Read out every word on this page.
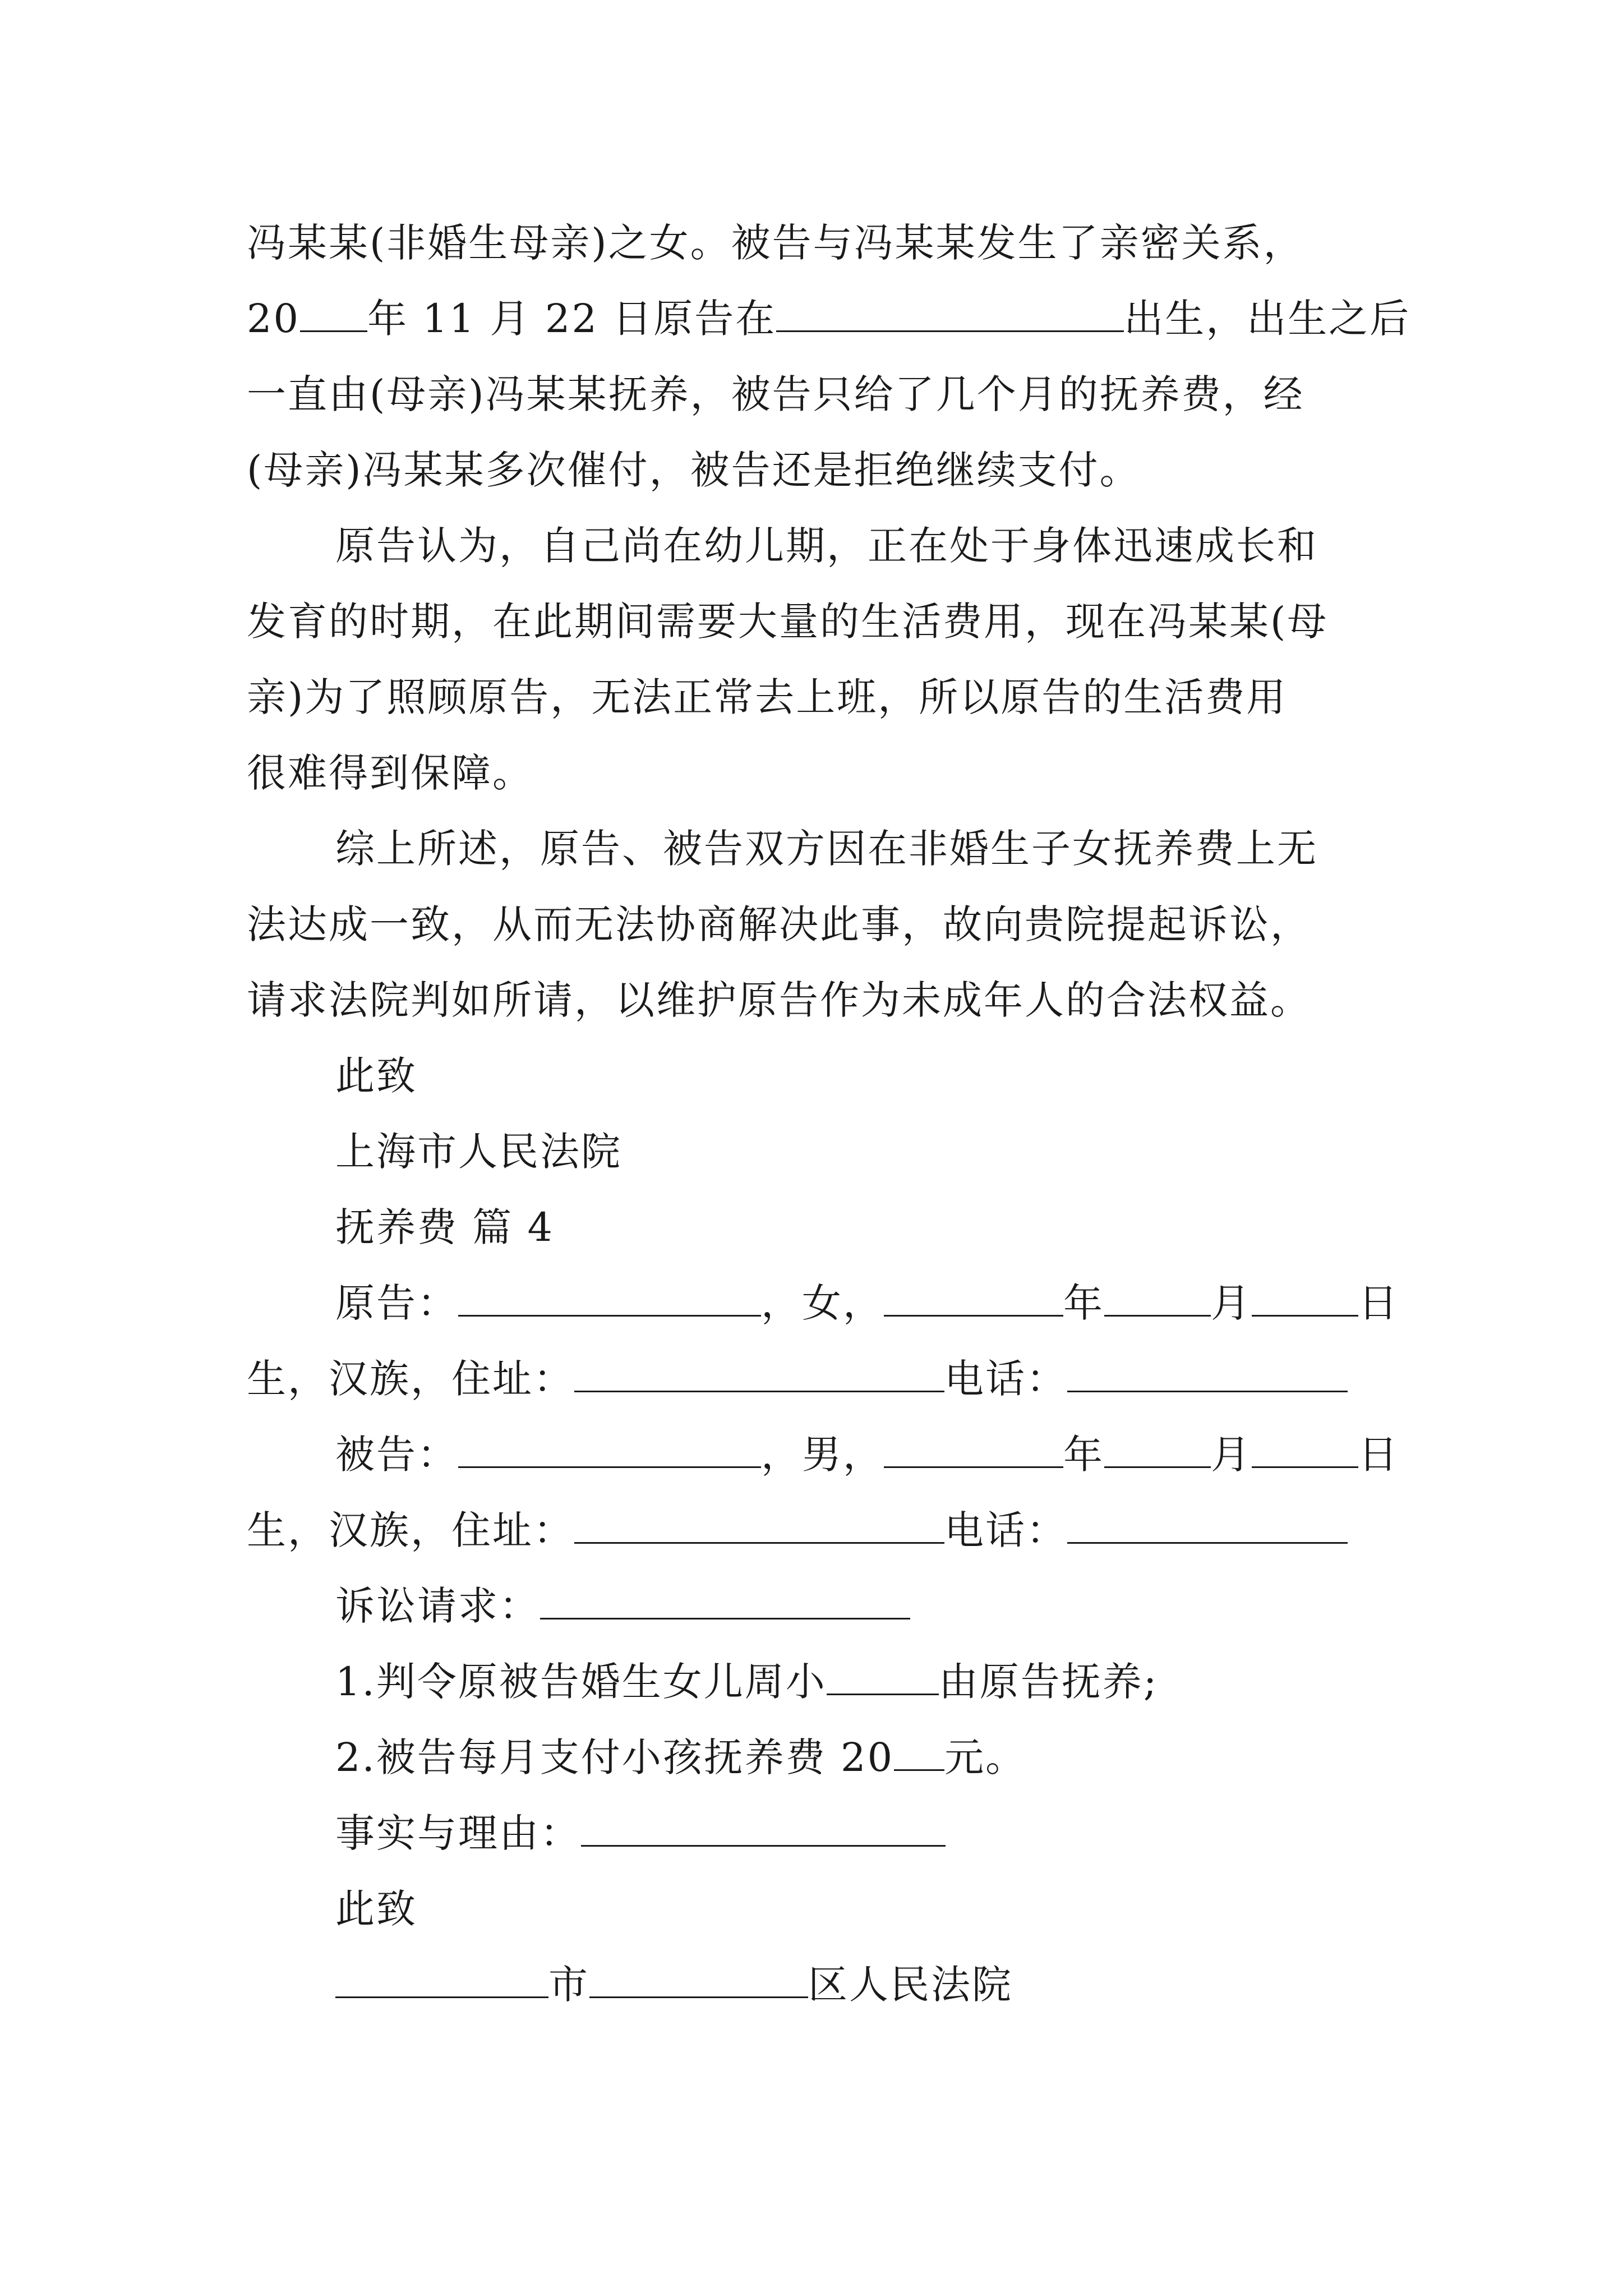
冯某某(非婚生母亲)之女。被告与冯某某发生了亲密关系，
20 年 11 月 22 日原告在	出生，出生之后
一直由(母亲)冯某某抚养，被告只给了几个月的抚养费，经
(母亲)冯某某多次催付，被告还是拒绝继续支付。
原告认为，自己尚在幼儿期，正在处于身体迅速成长和
发育的时期，在此期间需要大量的生活费用，现在冯某某(母
亲)为了照顾原告，无法正常去上班，所以原告的生活费用
很难得到保障。
综上所述，原告、被告双方因在非婚生子女抚养费上无
法达成一致，从而无法协商解决此事，故向贵院提起诉讼，
请求法院判如所请，以维护原告作为未成年人的合法权益。
此致
上海市人民法院
抚养费 篇 4
原告：	，女，	年	月	日
生，汉族，住址：	电话：
被告：	，男，	年	月	日
生，汉族，住址：	电话：
诉讼请求：
1.判令原被告婚生女儿周小	由原告抚养;
2.被告每月支付小孩抚养费 20 元。
事实与理由：
此致
市	区人民法院
